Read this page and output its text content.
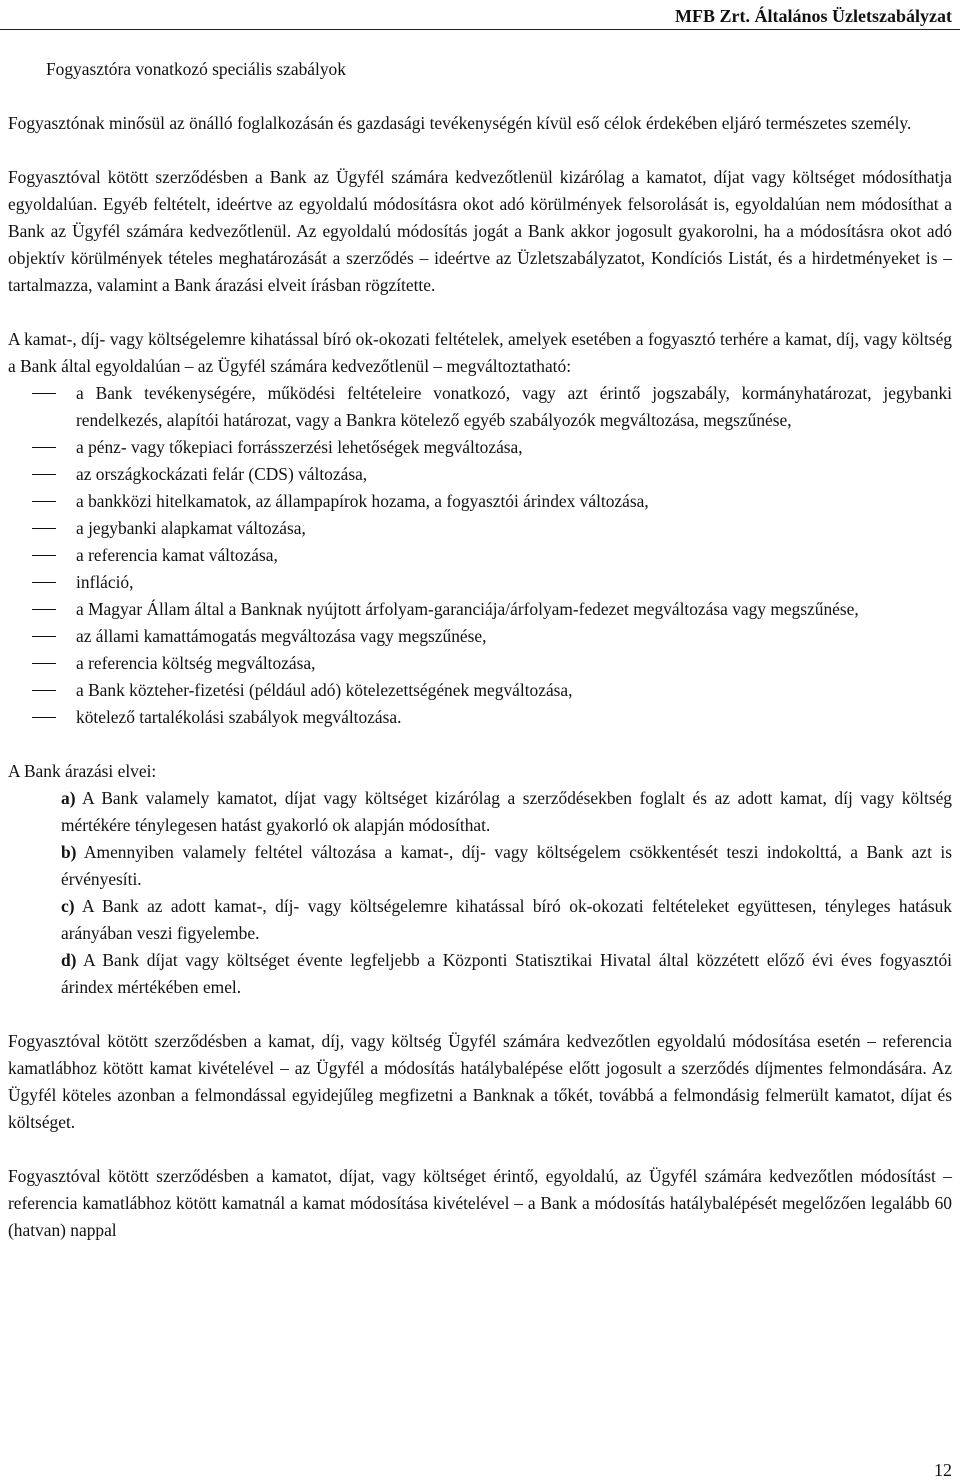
MFB Zrt. Általános Üzletszabályzat

Fogyasztóra vonatkozó speciális szabályok

Fogyasztónak minősül az önálló foglalkozásán és gazdasági tevékenységén kívül eső célok érdekében eljáró természetes személy.

Fogyasztóval kötött szerződésben a Bank az Ügyfél számára kedvezőtlenül kizárólag a kamatot, díjat vagy költséget módosíthatja egyoldalúan. Egyéb feltételt, ideértve az egyoldalú módosításra okot adó körülmények felsorolását is, egyoldalúan nem módosíthat a Bank az Ügyfél számára kedvezőtlenül. Az egyoldalú módosítás jogát a Bank akkor jogosult gyakorolni, ha a módosításra okot adó objektív körülmények tételes meghatározását a szerződés – ideértve az Üzletszabályzatot, Kondíciós Listát, és a hirdetményeket is – tartalmazza, valamint a Bank árazási elveit írásban rögzítette.

A kamat-, díj- vagy költségelemre kihatással bíró ok-okozati feltételek, amelyek esetében a fogyasztó terhére a kamat, díj, vagy költség a Bank által egyoldalúan – az Ügyfél számára kedvezőtlenül – megváltoztatható:

a Bank tevékenységére, működési feltételeire vonatkozó, vagy azt érintő jogszabály, kormányhatározat, jegybanki rendelkezés, alapítói határozat, vagy a Bankra kötelező egyéb szabályozók megváltozása, megszűnése,
a pénz- vagy tőkepiaci forrásszerzési lehetőségek megváltozása,
az országkockázati felár (CDS) változása,
a bankközi hitelkamatok, az állampapírok hozama, a fogyasztói árindex változása,
a jegybanki alapkamat változása,
a referencia kamat változása,
infláció,
a Magyar Állam által a Banknak nyújtott árfolyam-garanciája/árfolyam-fedezet megváltozása vagy megszűnése,
az állami kamattámogatás megváltozása vagy megszűnése,
a referencia költség megváltozása,
a Bank közteher-fizetési (például adó) kötelezettségének megváltozása,
kötelező tartalékolási szabályok megváltozása.

A Bank árazási elvei:

a) A Bank valamely kamatot, díjat vagy költséget kizárólag a szerződésekben foglalt és az adott kamat, díj vagy költség mértékére ténylegesen hatást gyakorló ok alapján módosíthat.
b) Amennyiben valamely feltétel változása a kamat-, díj- vagy költségelem csökkentését teszi indokolttá, a Bank azt is érvényesíti.
c) A Bank az adott kamat-, díj- vagy költségelemre kihatással bíró ok-okozati feltételeket együttesen, tényleges hatásuk arányában veszi figyelembe.
d) A Bank díjat vagy költséget évente legfeljebb a Központi Statisztikai Hivatal által közzétett előző évi éves fogyasztói árindex mértékében emel.

Fogyasztóval kötött szerződésben a kamat, díj, vagy költség Ügyfél számára kedvezőtlen egyoldalú módosítása esetén – referencia kamatlábhoz kötött kamat kivételével – az Ügyfél a módosítás hatálybalépése előtt jogosult a szerződés díjmentes felmondására. Az Ügyfél köteles azonban a felmondással egyidejűleg megfizetni a Banknak a tőkét, továbbá a felmondásig felmerült kamatot, díjat és költséget.

Fogyasztóval kötött szerződésben a kamatot, díjat, vagy költséget érintő, egyoldalú, az Ügyfél számára kedvezőtlen módosítást – referencia kamatlábhoz kötött kamatnál a kamat módosítása kivételével – a Bank a módosítás hatálybalépését megelőzően legalább 60 (hatvan) nappal

12
